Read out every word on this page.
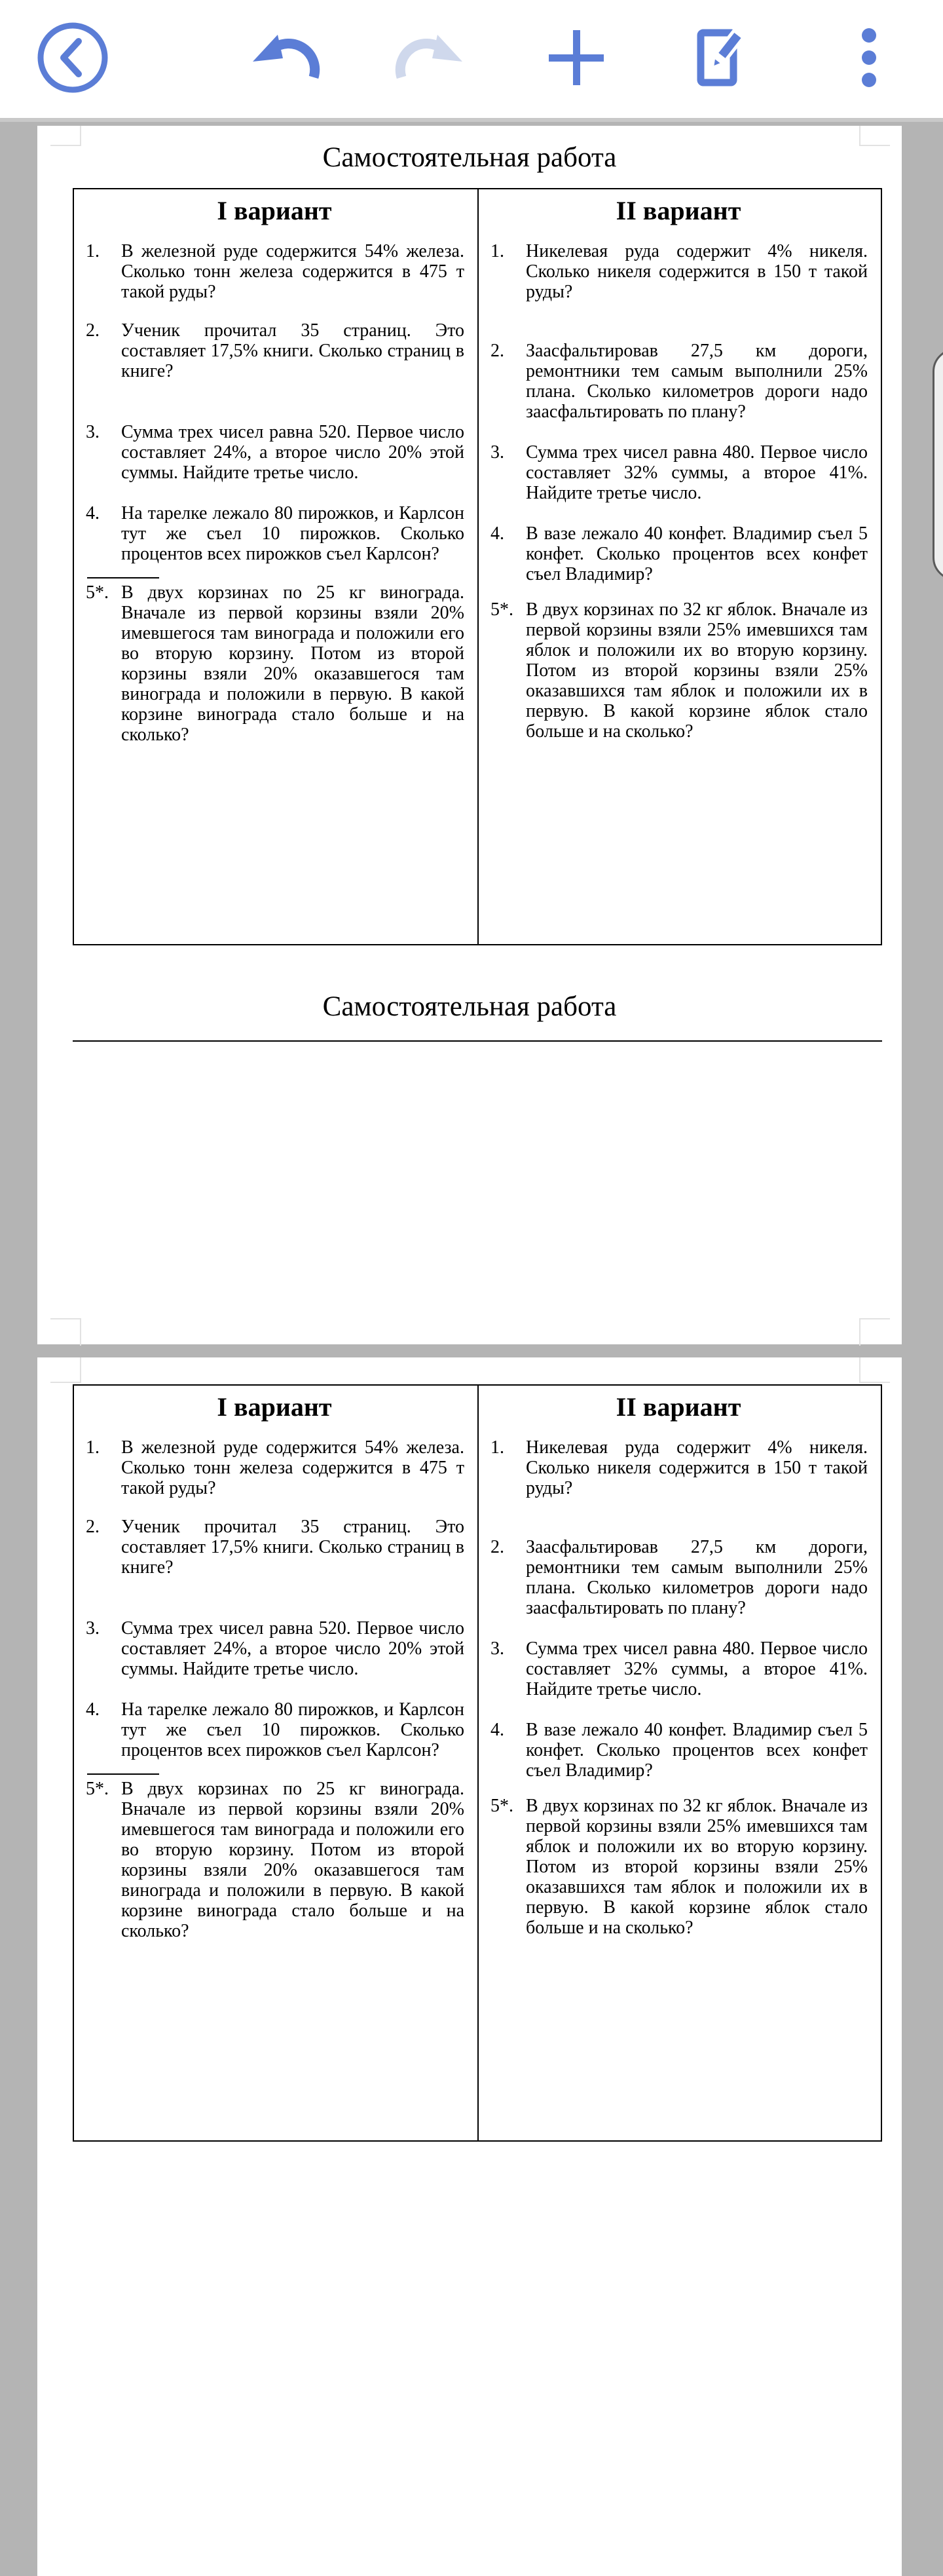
Самостоятельная работа
I вариант
1. В железной руде содержится 54% железа. Сколько тонн железа содержится в 475 т такой руды?
2. Ученик прочитал 35 страниц. Это составляет 17,5% книги. Сколько страниц в книге?
3. Сумма трех чисел равна 520. Первое число составляет 24%, а второе число 20% этой суммы. Найдите третье число.
4. На тарелке лежало 80 пирожков, и Карлсон тут же съел 10 пирожков. Сколько процентов всех пирожков съел Карлсон?
5*. В двух корзинах по 25 кг винограда. Вначале из первой корзины взяли 20% имевшегося там винограда и положили его во вторую корзину. Потом из второй корзины взяли 20% оказавшегося там винограда и положили в первую. В какой корзине винограда стало больше и на сколько?
II вариант
1. Никелевая руда содержит 4% никеля. Сколько никеля содержится в 150 т такой руды?
2. Заасфальтировав 27,5 км дороги, ремонтники тем самым выполнили 25% плана. Сколько километров дороги надо заасфальтировать по плану?
3. Сумма трех чисел равна 480. Первое число составляет 32% суммы, а второе 41%. Найдите третье число.
4. В вазе лежало 40 конфет. Владимир съел 5 конфет. Сколько процентов всех конфет съел Владимир?
5*. В двух корзинах по 32 кг яблок. Вначале из первой корзины взяли 25% имевшихся там яблок и положили их во вторую корзину. Потом из второй корзины взяли 25% оказавшихся там яблок и положили их в первую. В какой корзине яблок стало больше и на сколько?
Самостоятельная работа
I вариант
1. В железной руде содержится 54% железа. Сколько тонн железа содержится в 475 т такой руды?
2. Ученик прочитал 35 страниц. Это составляет 17,5% книги. Сколько страниц в книге?
3. Сумма трех чисел равна 520. Первое число составляет 24%, а второе число 20% этой суммы. Найдите третье число.
4. На тарелке лежало 80 пирожков, и Карлсон тут же съел 10 пирожков. Сколько процентов всех пирожков съел Карлсон?
5*. В двух корзинах по 25 кг винограда. Вначале из первой корзины взяли 20% имевшегося там винограда и положили его во вторую корзину. Потом из второй корзины взяли 20% оказавшегося там винограда и положили в первую. В какой корзине винограда стало больше и на сколько?
II вариант
1. Никелевая руда содержит 4% никеля. Сколько никеля содержится в 150 т такой руды?
2. Заасфальтировав 27,5 км дороги, ремонтники тем самым выполнили 25% плана. Сколько километров дороги надо заасфальтировать по плану?
3. Сумма трех чисел равна 480. Первое число составляет 32% суммы, а второе 41%. Найдите третье число.
4. В вазе лежало 40 конфет. Владимир съел 5 конфет. Сколько процентов всех конфет съел Владимир?
5*. В двух корзинах по 32 кг яблок. Вначале из первой корзины взяли 25% имевшихся там яблок и положили их во вторую корзину. Потом из второй корзины взяли 25% оказавшихся там яблок и положили их в первую. В какой корзине яблок стало больше и на сколько?
